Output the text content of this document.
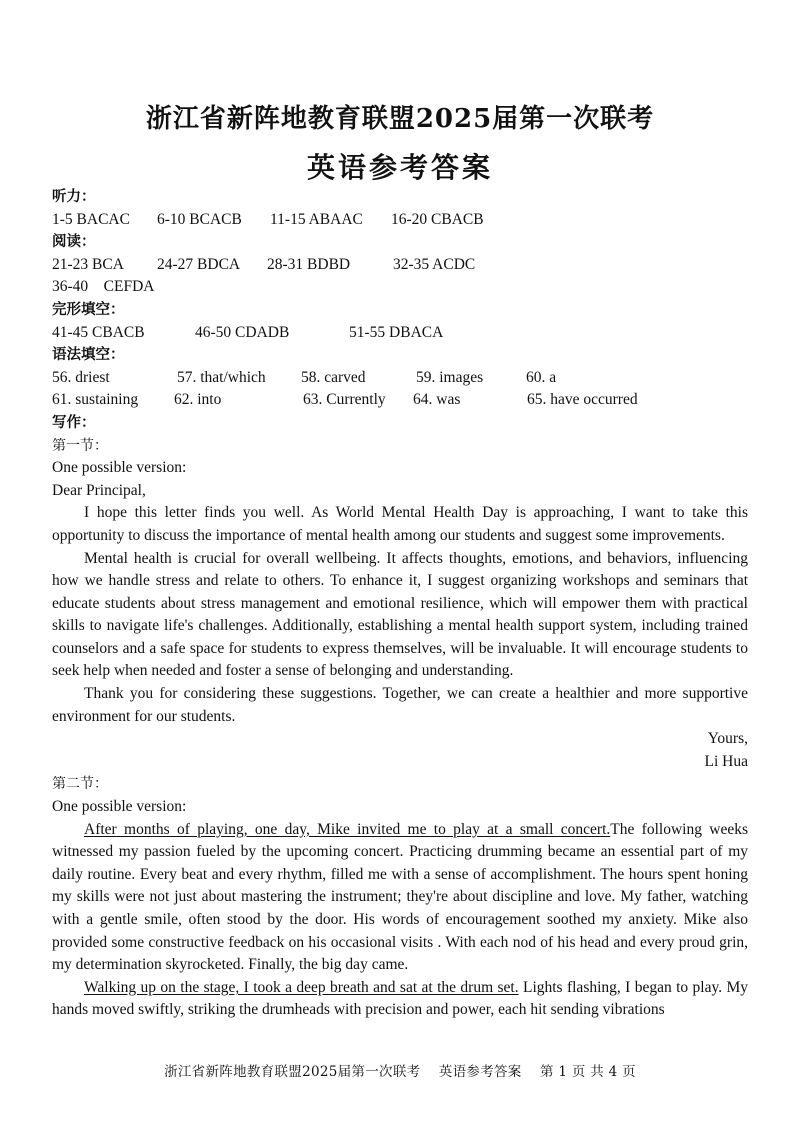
浙江省新阵地教育联盟2025届第一次联考
英语参考答案
听力：
1-5 BACAC	6-10 BCACB	11-15 ABAAC	16-20 CBACB
阅读：
21-23 BCA	24-27 BDCA	28-31 BDBD	32-35 ACDC
36-40    CEFDA
完形填空：
41-45 CBACB	46-50 CDADB	51-55 DBACA
语法填空：
56. driest	57. that/which	58. carved	59. images	60. a
61. sustaining	62. into	63. Currently	64. was	65. have occurred
写作：
第一节：
One possible version:
Dear Principal,

I hope this letter finds you well. As World Mental Health Day is approaching, I want to take this opportunity to discuss the importance of mental health among our students and suggest some improvements.

Mental health is crucial for overall wellbeing. It affects thoughts, emotions, and behaviors, influencing how we handle stress and relate to others. To enhance it, I suggest organizing workshops and seminars that educate students about stress management and emotional resilience, which will empower them with practical skills to navigate life's challenges. Additionally, establishing a mental health support system, including trained counselors and a safe space for students to express themselves, will be invaluable. It will encourage students to seek help when needed and foster a sense of belonging and understanding.

Thank you for considering these suggestions. Together, we can create a healthier and more supportive environment for our students.

Yours,
Li Hua
第二节：
One possible version:

After months of playing, one day, Mike invited me to play at a small concert.The following weeks witnessed my passion fueled by the upcoming concert. Practicing drumming became an essential part of my daily routine. Every beat and every rhythm, filled me with a sense of accomplishment. The hours spent honing my skills were not just about mastering the instrument; they're about discipline and love. My father, watching with a gentle smile, often stood by the door. His words of encouragement soothed my anxiety. Mike also provided some constructive feedback on his occasional visits . With each nod of his head and every proud grin, my determination skyrocketed. Finally, the big day came.

Walking up on the stage, I took a deep breath and sat at the drum set. Lights flashing, I began to play. My hands moved swiftly, striking the drumheads with precision and power, each hit sending vibrations

浙江省新阵地教育联盟2025届第一次联考    英语参考答案    第 1 页 共 4 页
